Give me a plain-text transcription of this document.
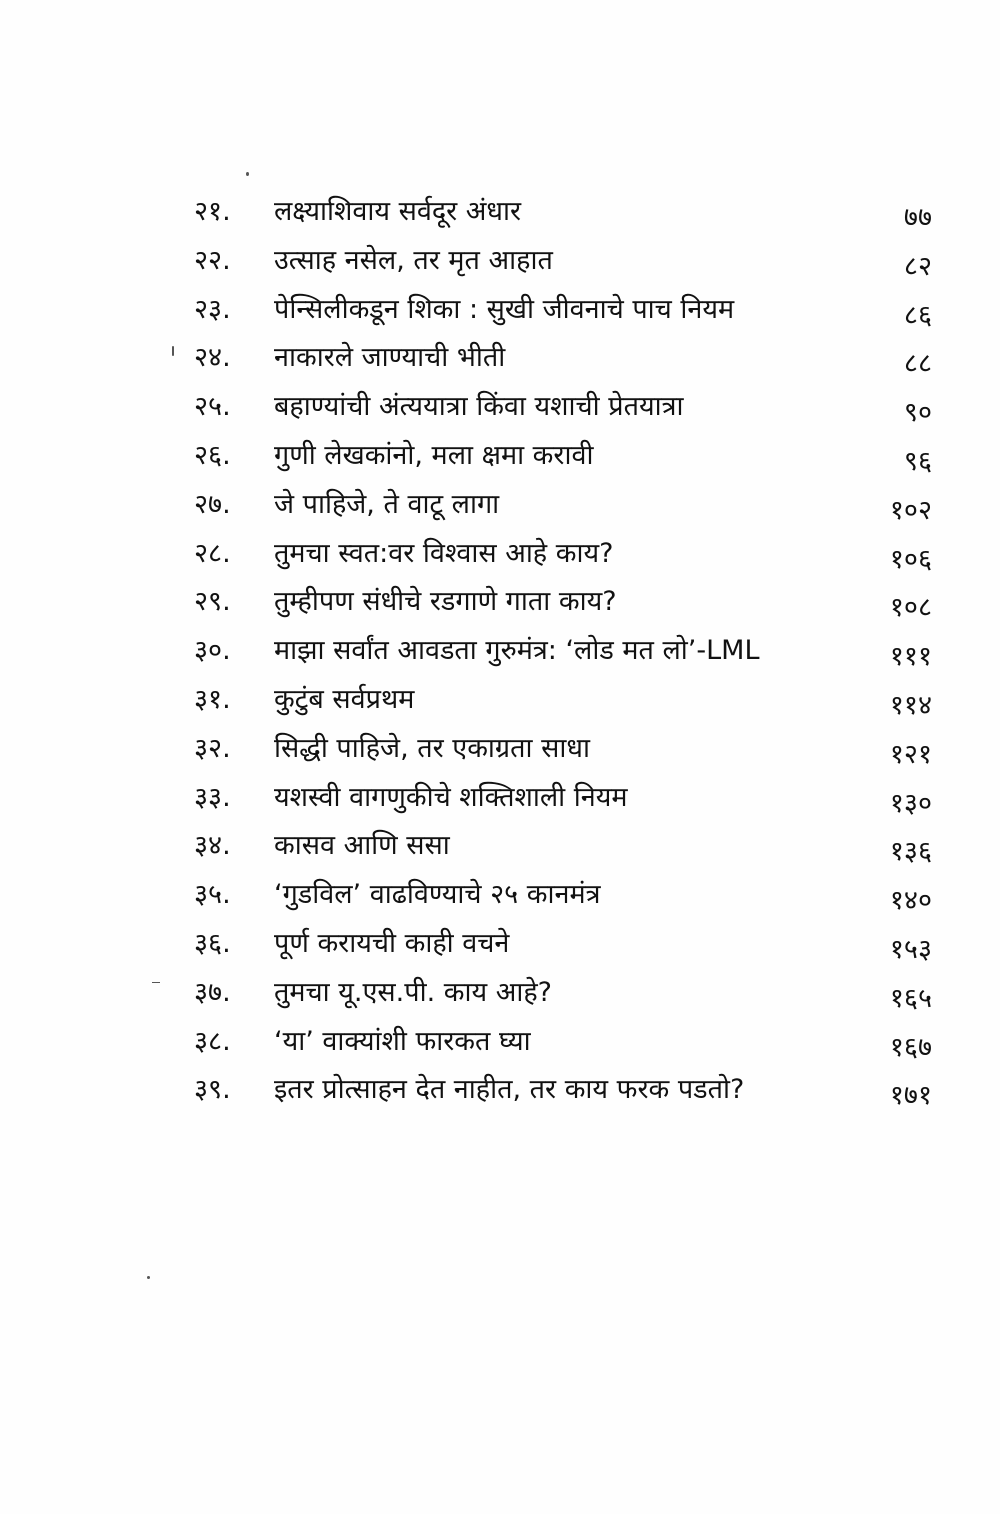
२१.	लक्ष्याशिवाय सर्वदूर अंधार	७७
२२.	उत्साह नसेल, तर मृत आहात	८२
२३.	पेन्सिलीकडून शिका : सुखी जीवनाचे पाच नियम	८६
२४.	नाकारले जाण्याची भीती	८८
२५.	बहाण्यांची अंत्ययात्रा किंवा यशाची प्रेतयात्रा	९०
२६.	गुणी लेखकांनो, मला क्षमा करावी	९६
२७.	जे पाहिजे, ते वाटू लागा	१०२
२८.	तुमचा स्वत:वर विश्वास आहे काय?	१०६
२९.	तुम्हीपण संधीचे रडगाणे गाता काय?	१०८
३०.	माझा सर्वांत आवडता गुरुमंत्र: ‘लोड मत लो’-LML	१११
३१.	कुटुंब सर्वप्रथम	११४
३२.	सिद्धी पाहिजे, तर एकाग्रता साधा	१२१
३३.	यशस्वी वागणुकीचे शक्तिशाली नियम	१३०
३४.	कासव आणि ससा	१३६
३५.	‘गुडविल’ वाढविण्याचे २५ कानमंत्र	१४०
३६.	पूर्ण करायची काही वचने	१५३
३७.	तुमचा यू.एस.पी. काय आहे?	१६५
३८.	‘या’ वाक्यांशी फारकत घ्या	१६७
३९.	इतर प्रोत्साहन देत नाहीत, तर काय फरक पडतो?	१७१
